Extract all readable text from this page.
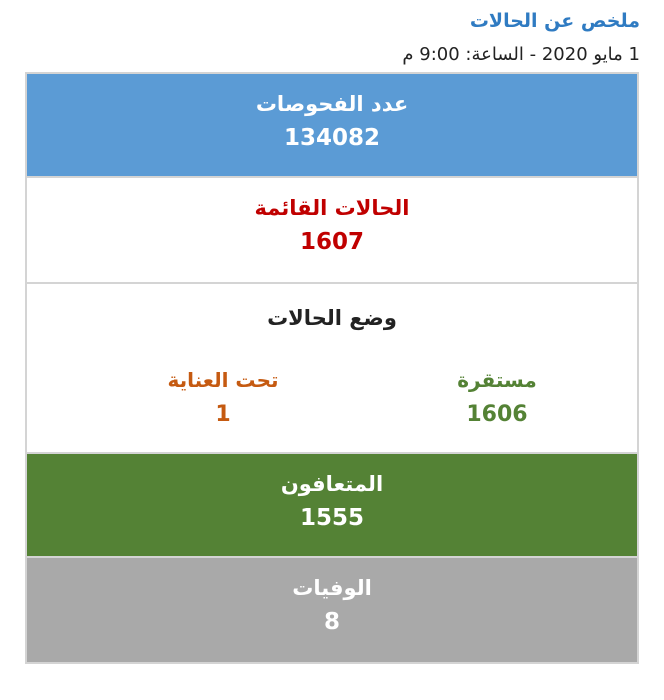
ملخص عن الحالات
1 مايو 2020 - الساعة: 9:00 م
عدد الفحوصات
134082
الحالات القائمة
1607
وضع الحالات
مستقرة
1606
تحت العناية
1
المتعافون
1555
الوفيات
8
